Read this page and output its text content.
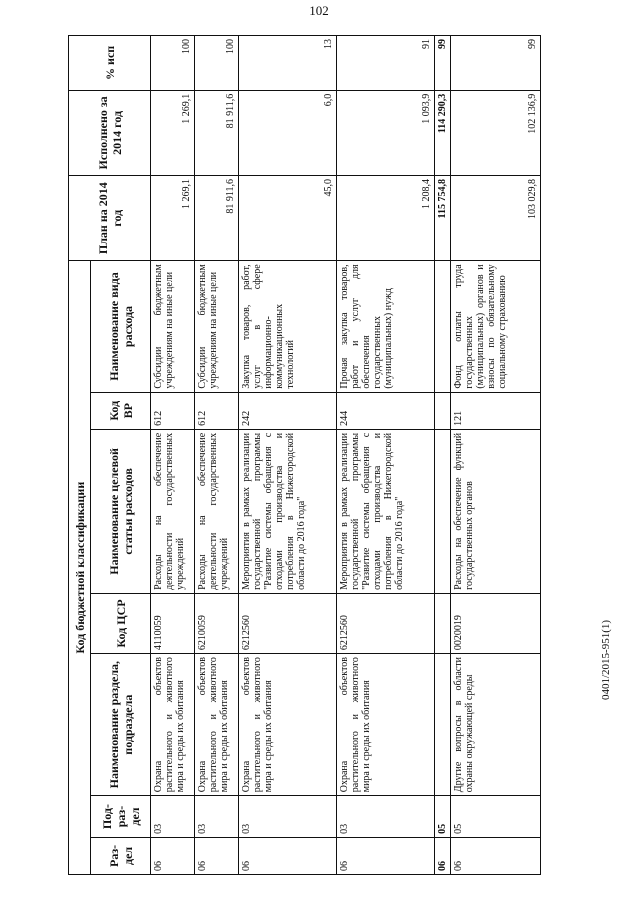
102
0401/2015-951(1)
Код бюджетной классификации							План на 2014 год	Исполнено за 2014 год	% исп
Раз-дел	Под-раз-дел	Наименование раздела, подраздела	Код ЦСР	Наименование целевой статьи расходов	Код ВР	Наименование вида расхода			
06	03	Охрана объектов растительного и животного мира и среды их обитания	4110059	Расходы на обеспечение деятельности государственных учреждений	612	Субсидии бюджетным учреждениям на иные цели	1 269,1	1 269,1	100
06	03	Охрана объектов растительного и животного мира и среды их обитания	6210059	Расходы на обеспечение деятельности государственных учреждений	612	Субсидии бюджетным учреждениям на иные цели	81 911,6	81 911,6	100
06	03	Охрана объектов растительного и животного мира и среды их обитания	6212560	Мероприятия в рамках реализации государственной программы "Развитие системы обращения с отходами производства и потребления в Нижегородской области до 2016 года"	242	Закупка товаров, работ, услуг в сфере информационно-коммуникационных технологий	45,0	6,0	13
06	03	Охрана объектов растительного и животного мира и среды их обитания	6212560	Мероприятия в рамках реализации государственной программы "Развитие системы обращения с отходами производства и потребления в Нижегородской области до 2016 года"	244	Прочая закупка товаров, работ и услуг для обеспечения государственных (муниципальных) нужд	1 208,4	1 093,9	91
06	05						115 754,8	114 290,3	99
06	05	Другие вопросы в области охраны окружающей среды	0020019	Расходы на обеспечение функций государственных органов	121	Фонд оплаты труда государственных (муниципальных) органов и взносы по обязательному социальному страхованию	103 029,8	102 136,9	99
